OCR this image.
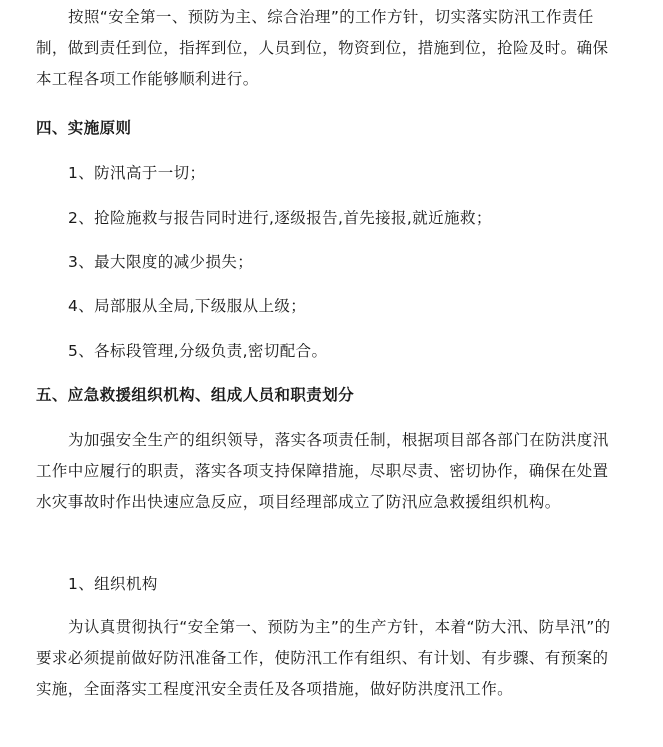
按照“安全第一、预防为主、综合治理”的工作方针，切实落实防汛工作责任制，做到责任到位，指挥到位，人员到位，物资到位，措施到位，抢险及时。确保本工程各项工作能够顺利进行。

四、实施原则

1、防汛高于一切；

2、抢险施救与报告同时进行,逐级报告,首先接报,就近施救；

3、最大限度的减少损失；

4、局部服从全局,下级服从上级；

5、各标段管理,分级负责,密切配合。

五、应急救援组织机构、组成人员和职责划分

为加强安全生产的组织领导，落实各项责任制，根据项目部各部门在防洪度汛工作中应履行的职责，落实各项支持保障措施，尽职尽责、密切协作，确保在处置水灾事故时作出快速应急反应，项目经理部成立了防汛应急救援组织机构。

1、组织机构

为认真贯彻执行“安全第一、预防为主”的生产方针，本着“防大汛、防旱汛”的要求必须提前做好防汛准备工作，使防汛工作有组织、有计划、有步骤、有预案的实施，全面落实工程度汛安全责任及各项措施，做好防洪度汛工作。
